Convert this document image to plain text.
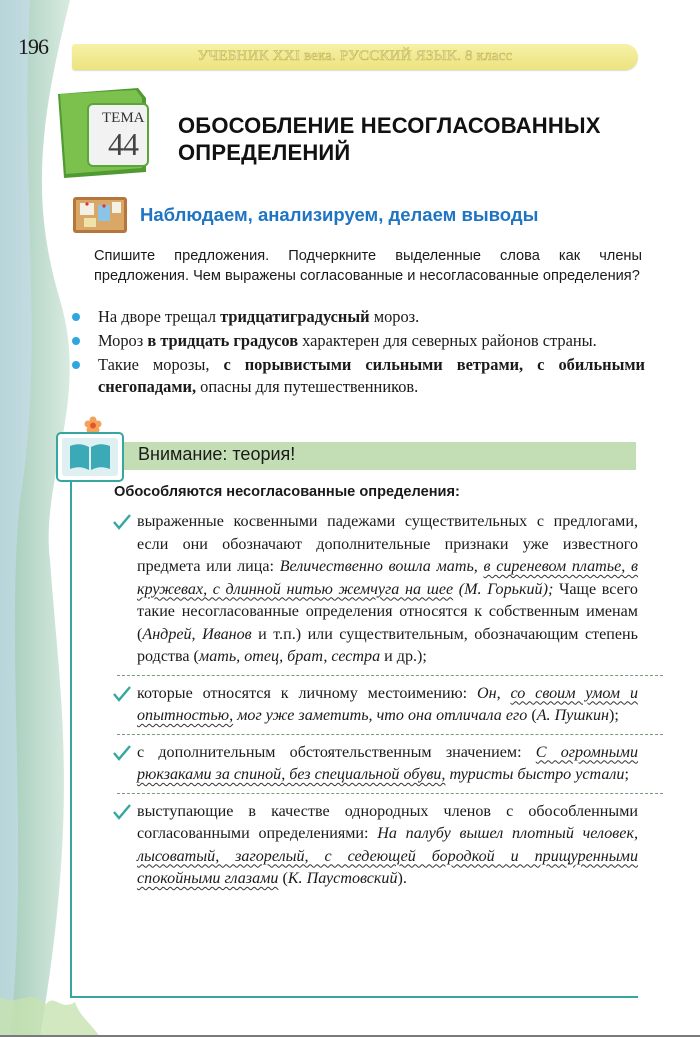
196	УЧЕБНИК XXI века. РУССКИЙ ЯЗЫК. 8 класс
ТЕМА
44
ОБОСОБЛЕНИЕ НЕСОГЛАСОВАННЫХ ОПРЕДЕЛЕНИЙ
Наблюдаем, анализируем, делаем выводы
Спишите предложения. Подчеркните выделенные слова как члены предложения. Чем выражены согласованные и несогласованные определения?
На дворе трещал тридцатиградусный мороз.
Мороз в тридцать градусов характерен для северных районов страны.
Такие морозы, с порывистыми сильными ветрами, с обильными снегопадами, опасны для путешественников.
Внимание: теория!
Обособляются несогласованные определения:
выраженные косвенными падежами существительных с предлогами, если они обозначают дополнительные признаки уже известного предмета или лица: Величественно вошла мать, в сиреневом платье, в кружевах, с длинной нитью жемчуга на шее (М. Горький); Чаще всего такие несогласованные определения относятся к собственным именам (Андрей, Иванов и т.п.) или существительным, обозначающим степень родства (мать, отец, брат, сестра и др.);
которые относятся к личному местоимению: Он, со своим умом и опытностью, мог уже заметить, что она отличала его (А. Пушкин);
с дополнительным обстоятельственным значением: С огромными рюкзаками за спиной, без специальной обуви, туристы быстро устали;
выступающие в качестве однородных членов с обособленными согласованными определениями: На палубу вышел плотный человек, лысоватый, загорелый, с седеющей бородкой и прищуренными спокойными глазами (К. Паустовский).
